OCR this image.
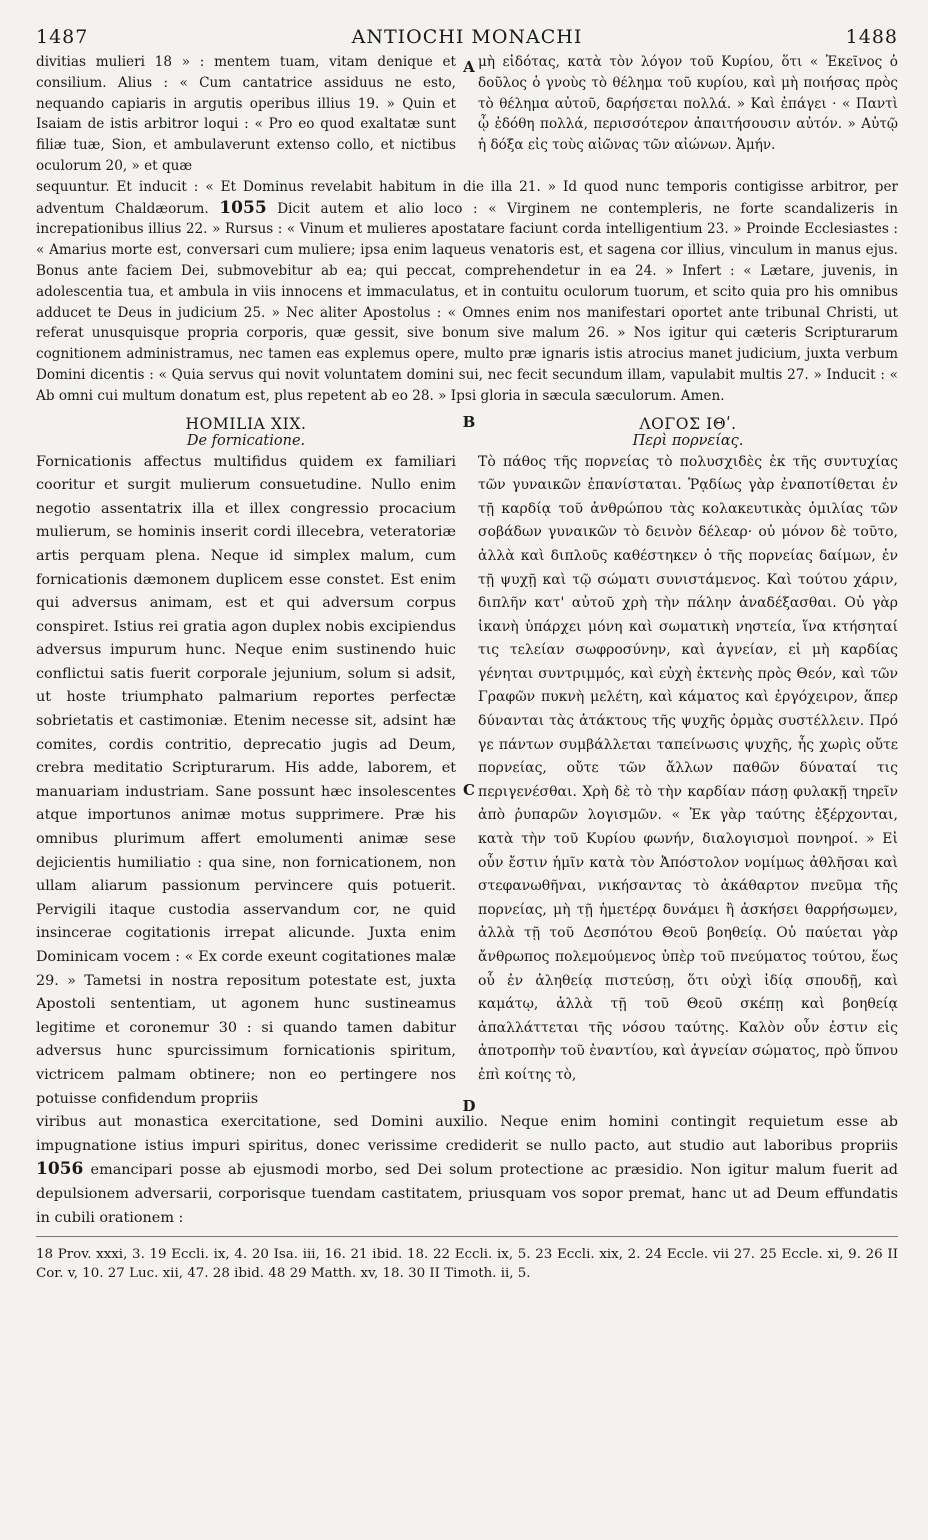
1487	ANTIOCHI MONACHI	1488
A

divitias mulieri 18 » : mentem tuam, vitam denique et consilium. Alius : « Cum cantatrice assiduus ne esto, nequando capiaris in argutis operibus illius 19. » Quin et Isaiam de istis arbitror loqui : « Pro eo quod exaltatæ sunt filiæ tuæ, Sion, et ambulaverunt extenso collo, et nictibus oculorum 20, » et quæ

μὴ εἰδότας, κατὰ τὸν λόγον τοῦ Κυρίου, ὅτι « Ἐκεῖνος ὁ δοῦλος ὁ γνοὺς τὸ θέλημα τοῦ κυρίου, καὶ μὴ ποιήσας πρὸς τὸ θέλημα αὐτοῦ, δαρήσεται πολλά. » Καὶ ἐπάγει · « Παντὶ ᾧ ἐδόθη πολλά, περισσότερον ἀπαιτήσουσιν αὐτόν. » Αὐτῷ ἡ δόξα εἰς τοὺς αἰῶνας τῶν αἰώνων. Ἀμήν.

sequuntur. Et inducit : « Et Dominus revelabit habitum in die illa 21. » Id quod nunc temporis contigisse arbitror, per adventum Chaldæorum. 1055 Dicit autem et alio loco : « Virginem ne contempleris, ne forte scandalizeris in increpationibus illius 22. » Rursus : « Vinum et mulieres apostatare faciunt corda intelligentium 23. » Proinde Ecclesiastes : « Amarius morte est, conversari cum muliere; ipsa enim laqueus venatoris est, et sagena cor illius, vinculum in manus ejus. Bonus ante faciem Dei, submovebitur ab ea; qui peccat, comprehendetur in ea 24. » Infert : « Lætare, juvenis, in adolescentia tua, et ambula in viis innocens et immaculatus, et in contuitu oculorum tuorum, et scito quia pro his omnibus adducet te Deus in judicium 25. » Nec aliter Apostolus : « Omnes enim nos manifestari oportet ante tribunal Christi, ut referat unusquisque propria corporis, quæ gessit, sive bonum sive malum 26. » Nos igitur qui cæteris Scripturarum cognitionem administramus, nec tamen eas explemus opere, multo præ ignaris istis atrocius manet judicium, juxta verbum Domini dicentis : « Quia servus qui novit voluntatem domini sui, nec fecit secundum illam, vapulabit multis 27. » Inducit : « Ab omni cui multum donatum est, plus repetent ab eo 28. » Ipsi gloria in sæcula sæculorum. Amen.

B

HOMILIA XIX.

De fornicatione.

ΛΟΓΟΣ ΙΘʹ.

Περὶ πορνείας.

C
D

Fornicationis affectus multifidus quidem ex familiari cooritur et surgit mulierum consuetudine. Nullo enim negotio assentatrix illa et illex congressio procacium mulierum, se hominis inserit cordi illecebra, veteratoriæ artis perquam plena. Neque id simplex malum, cum fornicationis dæmonem duplicem esse constet. Est enim qui adversus animam, est et qui adversum corpus conspiret. Istius rei gratia agon duplex nobis excipiendus adversus impurum hunc. Neque enim sustinendo huic conflictui satis fuerit corporale jejunium, solum si adsit, ut hoste triumphato palmarium reportes perfectæ sobrietatis et castimoniæ. Etenim necesse sit, adsint hæ comites, cordis contritio, deprecatio jugis ad Deum, crebra meditatio Scripturarum. His adde, laborem, et manuariam industriam. Sane possunt hæc insolescentes atque importunos animæ motus supprimere. Præ his omnibus plurimum affert emolumenti animæ sese dejicientis humiliatio : qua sine, non fornicationem, non ullam aliarum passionum pervincere quis potuerit. Pervigili itaque custodia asservandum cor, ne quid insincerae cogitationis irrepat alicunde. Juxta enim Dominicam vocem : « Ex corde exeunt cogitationes malæ 29. » Tametsi in nostra repositum potestate est, juxta Apostoli sententiam, ut agonem hunc sustineamus legitime et coronemur 30 : si quando tamen dabitur adversus hunc spurcissimum fornicationis spiritum, victricem palmam obtinere; non eo pertingere nos potuisse confidendum propriis

Τὸ πάθος τῆς πορνείας τὸ πολυσχιδὲς ἐκ τῆς συντυχίας τῶν γυναικῶν ἐπανίσταται. Ῥᾳδίως γὰρ ἐναποτίθεται ἐν τῇ καρδίᾳ τοῦ ἀνθρώπου τὰς κολακευτικὰς ὁμιλίας τῶν σοβάδων γυναικῶν τὸ δεινὸν δέλεαρ· οὐ μόνον δὲ τοῦτο, ἀλλὰ καὶ διπλοῦς καθέστηκεν ὁ τῆς πορνείας δαίμων, ἐν τῇ ψυχῇ καὶ τῷ σώματι συνιστάμενος. Καὶ τούτου χάριν, διπλῆν κατ' αὐτοῦ χρὴ τὴν πάλην ἀναδέξασθαι. Οὐ γὰρ ἱκανὴ ὑπάρχει μόνη καὶ σωματικὴ νηστεία, ἵνα κτήσηταί τις τελείαν σωφροσύνην, καὶ ἁγνείαν, εἰ μὴ καρδίας γένηται συντριμμός, καὶ εὐχὴ ἐκτενὴς πρὸς Θεόν, καὶ τῶν Γραφῶν πυκνὴ μελέτη, καὶ κάματος καὶ ἐργόχειρον, ἅπερ δύνανται τὰς ἀτάκτους τῆς ψυχῆς ὁρμὰς συστέλλειν. Πρό γε πάντων συμβάλλεται ταπείνωσις ψυχῆς, ἧς χωρὶς οὔτε πορνείας, οὔτε τῶν ἄλλων παθῶν δύναταί τις περιγενέσθαι. Χρὴ δὲ τὸ τὴν καρδίαν πάσῃ φυλακῇ τηρεῖν ἀπὸ ῥυπαρῶν λογισμῶν. « Ἐκ γὰρ ταύτης ἐξέρχονται, κατὰ τὴν τοῦ Κυρίου φωνήν, διαλογισμοὶ πονηροί. » Εἰ οὖν ἔστιν ἡμῖν κατὰ τὸν Ἀπόστολον νομίμως ἀθλῆσαι καὶ στεφανωθῆναι, νικήσαντας τὸ ἀκάθαρτον πνεῦμα τῆς πορνείας, μὴ τῇ ἡμετέρᾳ δυνάμει ἢ ἀσκήσει θαρρήσωμεν, ἀλλὰ τῇ τοῦ Δεσπότου Θεοῦ βοηθείᾳ. Οὐ παύεται γὰρ ἄνθρωπος πολεμούμενος ὑπὲρ τοῦ πνεύματος τούτου, ἕως οὗ ἐν ἀληθείᾳ πιστεύσῃ, ὅτι οὐχὶ ἰδίᾳ σπουδῇ, καὶ καμάτῳ, ἀλλὰ τῇ τοῦ Θεοῦ σκέπῃ καὶ βοηθείᾳ ἀπαλλάττεται τῆς νόσου ταύτης. Καλὸν οὖν ἐστιν εἰς ἀποτροπὴν τοῦ ἐναντίου, καὶ ἁγνείαν σώματος, πρὸ ὕπνου ἐπὶ κοίτης τὸ,

viribus aut monastica exercitatione, sed Domini auxilio. Neque enim homini contingit requietum esse ab impugnatione istius impuri spiritus, donec verissime crediderit se nullo pacto, aut studio aut laboribus propriis 1056 emancipari posse ab ejusmodi morbo, sed Dei solum protectione ac præsidio. Non igitur malum fuerit ad depulsionem adversarii, corporisque tuendam castitatem, priusquam vos sopor premat, hanc ut ad Deum effundatis in cubili orationem :

18 Prov. xxxi, 3. 19 Eccli. ix, 4. 20 Isa. iii, 16. 21 ibid. 18. 22 Eccli. ix, 5. 23 Eccli. xix, 2. 24 Eccle. vii 27. 25 Eccle. xi, 9. 26 II Cor. v, 10. 27 Luc. xii, 47. 28 ibid. 48 29 Matth. xv, 18. 30 II Timoth. ii, 5.
